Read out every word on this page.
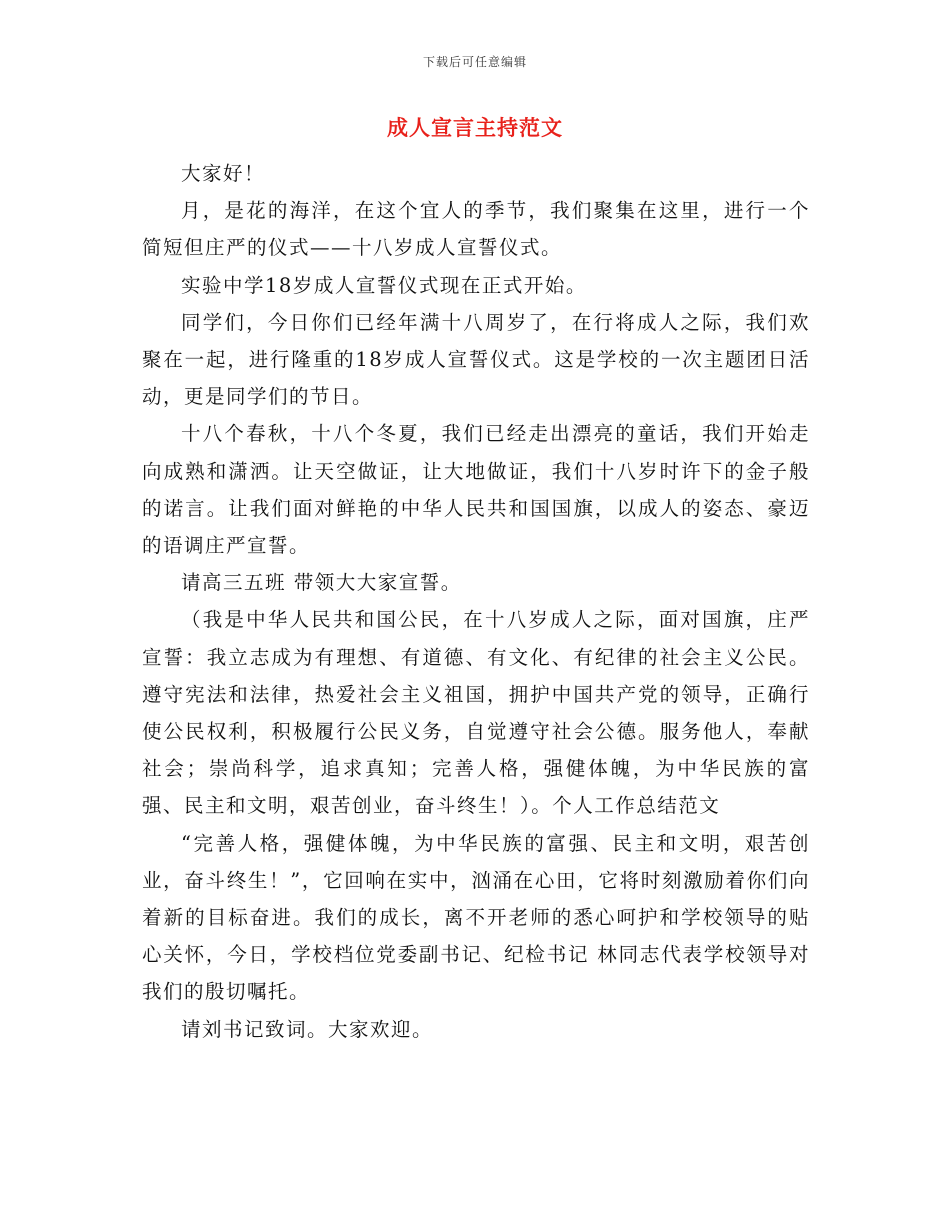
下载后可任意编辑
成人宣言主持范文

大家好！

月，是花的海洋，在这个宜人的季节，我们聚集在这里，进行一个简短但庄严的仪式——十八岁成人宣誓仪式。

实验中学18岁成人宣誓仪式现在正式开始。

同学们，今日你们已经年满十八周岁了，在行将成人之际，我们欢聚在一起，进行隆重的18岁成人宣誓仪式。这是学校的一次主题团日活动，更是同学们的节日。

十八个春秋，十八个冬夏，我们已经走出漂亮的童话，我们开始走向成熟和潇洒。让天空做证，让大地做证，我们十八岁时许下的金子般的诺言。让我们面对鲜艳的中华人民共和国国旗，以成人的姿态、豪迈的语调庄严宣誓。

请高三五班 带领大大家宣誓。

（我是中华人民共和国公民，在十八岁成人之际，面对国旗，庄严宣誓：我立志成为有理想、有道德、有文化、有纪律的社会主义公民。遵守宪法和法律，热爱社会主义祖国，拥护中国共产党的领导，正确行使公民权利，积极履行公民义务，自觉遵守社会公德。服务他人，奉献社会；崇尚科学，追求真知；完善人格，强健体魄，为中华民族的富强、民主和文明，艰苦创业，奋斗终生！）。个人工作总结范文

“完善人格，强健体魄，为中华民族的富强、民主和文明，艰苦创业，奋斗终生！”，它回响在实中，汹涌在心田，它将时刻激励着你们向着新的目标奋进。我们的成长，离不开老师的悉心呵护和学校领导的贴心关怀，今日，学校档位党委副书记、纪检书记 林同志代表学校领导对我们的殷切嘱托。

请刘书记致词。大家欢迎。
